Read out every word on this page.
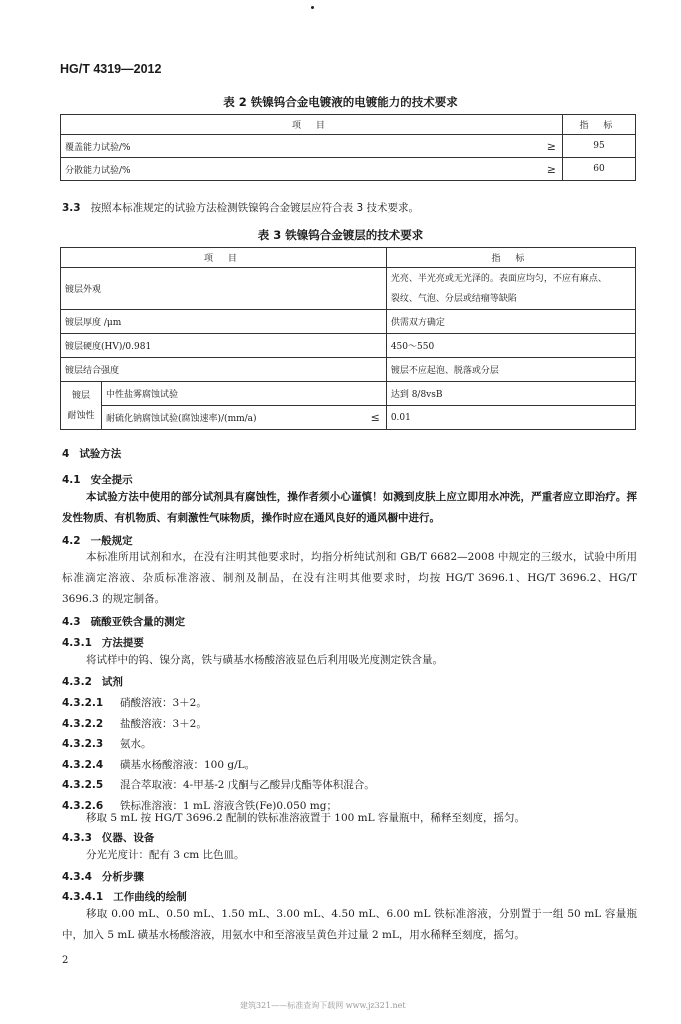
HG/T 4319—2012
表 2 铁镍钨合金电镀液的电镀能力的技术要求
项 目		指 标
覆盖能力试验/%	≥	95
分散能力试验/%	≥	60
3.3 按照本标准规定的试验方法检测铁镍钨合金镀层应符合表 3 技术要求。
表 3 铁镍钨合金镀层的技术要求
项 目			指 标
镀层外观			光亮、半光亮或无光泽的。表面应均匀，不应有麻点、
裂纹、气泡、分层或结瘤等缺陷

镀层厚度 /μm			供需双方确定
镀层硬度(HV)/0.981			450～550
镀层结合强度			镀层不应起泡、脱落或分层

镀层
耐蚀性	中性盐雾腐蚀试验		达到 8/8vsB
	耐硫化钠腐蚀试验(腐蚀速率)/(mm/a)	≤	0.01
4 试验方法
4.1 安全提示
本试验方法中使用的部分试剂具有腐蚀性，操作者须小心谨慎！如溅到皮肤上应立即用水冲洗，严重者应立即治疗。挥发性物质、有机物质、有刺激性气味物质，操作时应在通风良好的通风橱中进行。
4.2 一般规定
本标准所用试剂和水，在没有注明其他要求时，均指分析纯试剂和 GB/T 6682—2008 中规定的三级水，试验中所用标准滴定溶液、杂质标准溶液、制剂及制品，在没有注明其他要求时，均按 HG/T 3696.1、HG/T 3696.2、HG/T 3696.3 的规定制备。
4.3 硫酸亚铁含量的测定
4.3.1 方法提要
将试样中的钨、镍分离，铁与磺基水杨酸溶液显色后利用吸光度测定铁含量。
4.3.2 试剂
4.3.2.1 硝酸溶液：3＋2。
4.3.2.2 盐酸溶液：3＋2。
4.3.2.3 氨水。
4.3.2.4 磺基水杨酸溶液：100 g/L。
4.3.2.5 混合萃取液：4-甲基-2 戊酮与乙酸异戊酯等体积混合。
4.3.2.6 铁标准溶液：1 mL 溶液含铁(Fe)0.050 mg；
移取 5 mL 按 HG/T 3696.2 配制的铁标准溶液置于 100 mL 容量瓶中，稀释至刻度，摇匀。
4.3.3 仪器、设备
分光光度计：配有 3 cm 比色皿。
4.3.4 分析步骤
4.3.4.1 工作曲线的绘制
移取 0.00 mL、0.50 mL、1.50 mL、3.00 mL、4.50 mL、6.00 mL 铁标准溶液，分别置于一组 50 mL 容量瓶中，加入 5 mL 磺基水杨酸溶液，用氨水中和至溶液呈黄色并过量 2 mL，用水稀释至刻度，摇匀。
2
建筑321——标准查询下载网 www.jz321.net
